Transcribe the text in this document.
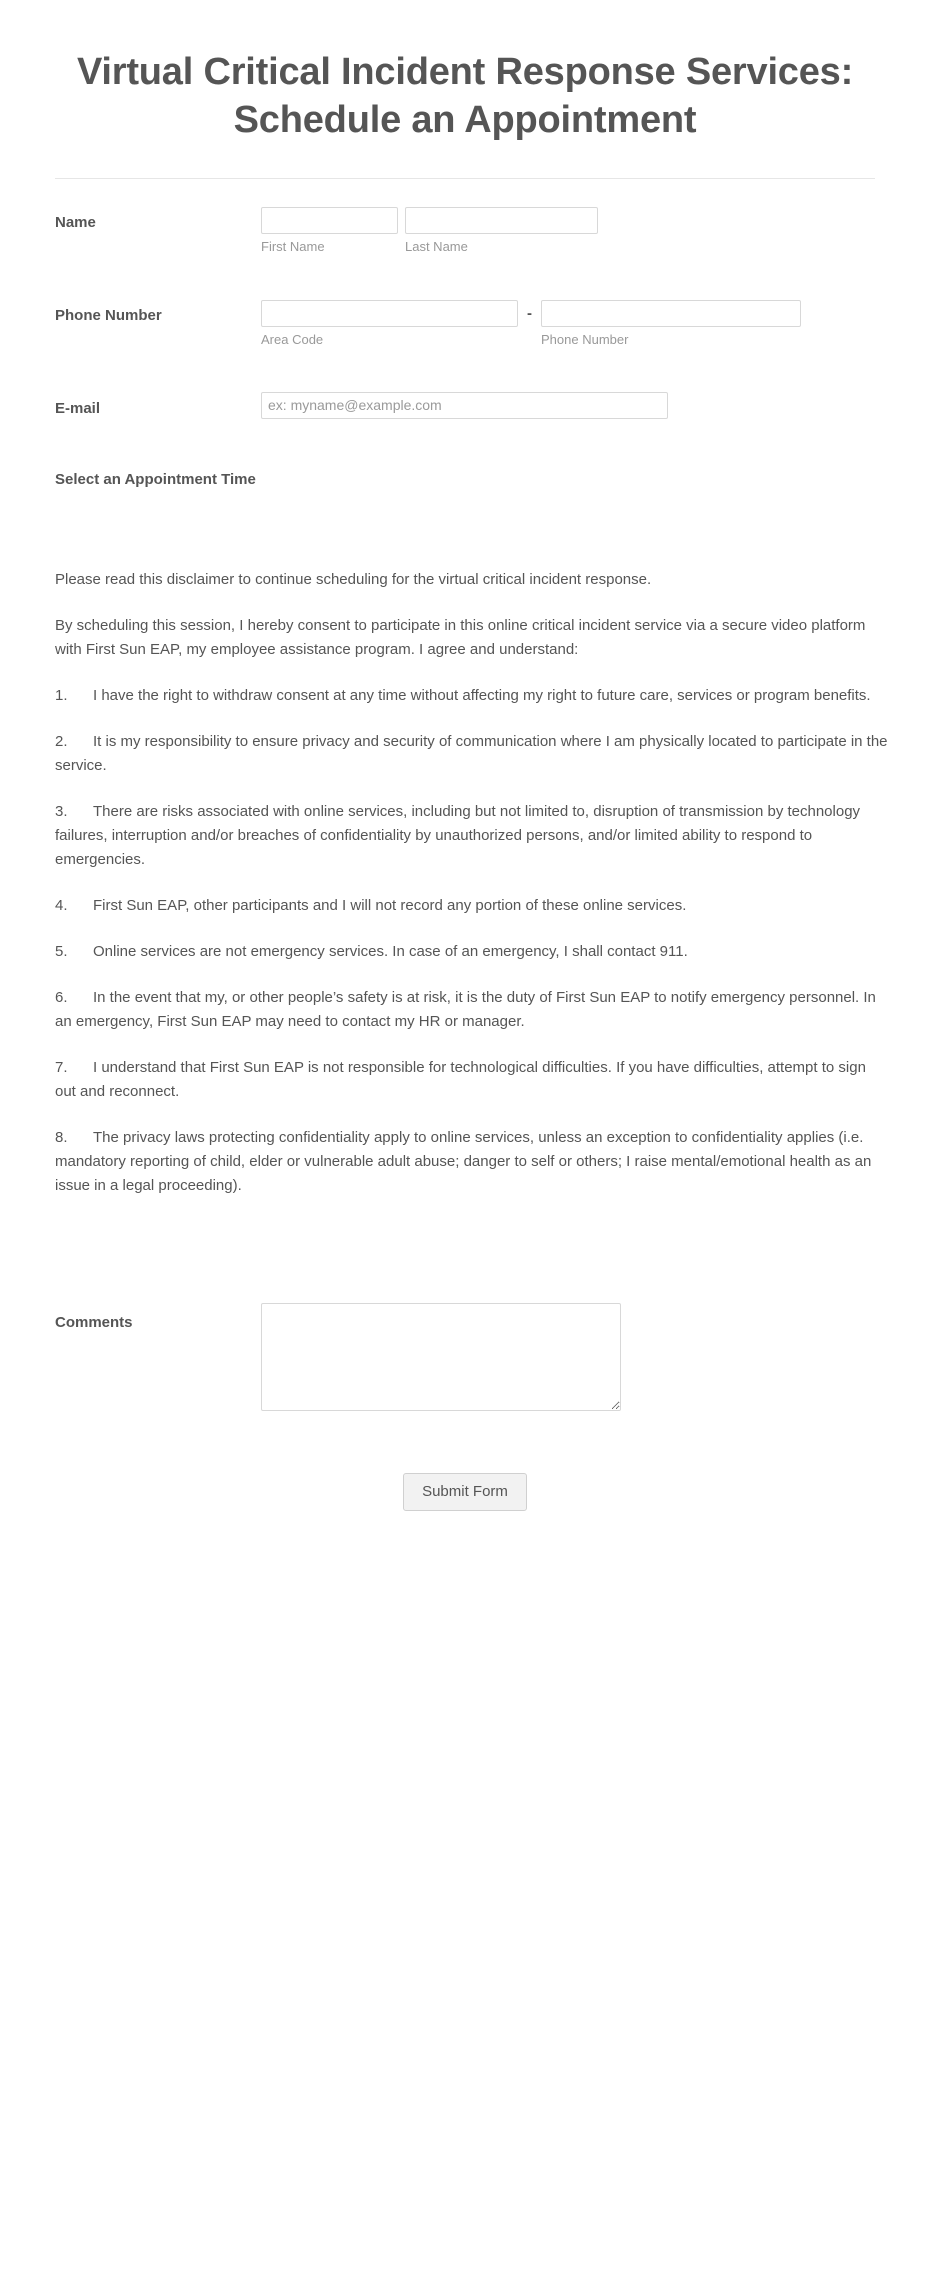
Virtual Critical Incident Response Services: Schedule an Appointment
Name
First Name	Last Name
Phone Number
Area Code
-
Phone Number
E-mail
ex: myname@example.com
Select an Appointment Time

Please read this disclaimer to continue scheduling for the virtual critical incident response.

By scheduling this session, I hereby consent to participate in this online critical incident service via a secure video platform with First Sun EAP, my employee assistance program. I agree and understand:

1. I have the right to withdraw consent at any time without affecting my right to future care, services or program benefits.

2. It is my responsibility to ensure privacy and security of communication where I am physically located to participate in the service.

3. There are risks associated with online services, including but not limited to, disruption of transmission by technology failures, interruption and/or breaches of confidentiality by unauthorized persons, and/or limited ability to respond to emergencies.

4. First Sun EAP, other participants and I will not record any portion of these online services.

5. Online services are not emergency services. In case of an emergency, I shall contact 911.

6. In the event that my, or other people’s safety is at risk, it is the duty of First Sun EAP to notify emergency personnel. In an emergency, First Sun EAP may need to contact my HR or manager.

7. I understand that First Sun EAP is not responsible for technological difficulties. If you have difficulties, attempt to sign out and reconnect.

8. The privacy laws protecting confidentiality apply to online services, unless an exception to confidentiality applies (i.e. mandatory reporting of child, elder or vulnerable adult abuse; danger to self or others; I raise mental/emotional health as an issue in a legal proceeding).

Comments
Submit Form
